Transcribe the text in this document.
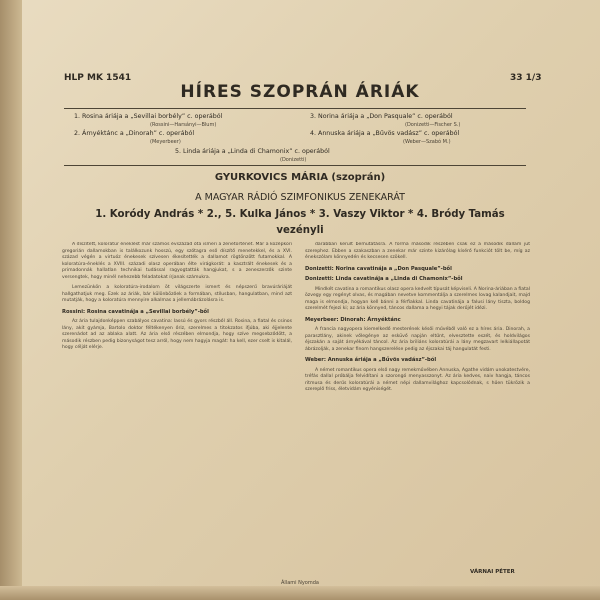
HLP MK 1541	33 1/3
HÍRES SZOPRÁN ÁRIÁK
1. Rosina áriája a „Sevillai borbély” c. operából
(Rossini—Harsányi—Blum)
2. Árnyéktánc a „Dinorah” c. operából
(Meyerbeer)
3. Norina áriája a „Don Pasquale” c. operából
(Donizetti—Fischer S.)
4. Annuska áriája a „Bűvös vadász” c. operából
(Weber—Szabó M.)
5. Linda áriája a „Linda di Chamonix” c. operából
(Donizetti)
GYURKOVICS MÁRIA (szoprán)
A MAGYAR RÁDIÓ SZIMFONIKUS ZENEKARÁT
1. Koródy András * 2., 5. Kulka János * 3. Vaszy Viktor * 4. Bródy Tamás
vezényli

A díszített, koloratúr éneklést már számos évszázad óta ismeri a zenetörténet. Már a középkori gregorián dallamokban is találkozunk hosszú, egy szótagra eső díszítő menetekkel, és a XVI. század végén a virtuóz énekesek szívesen ékesítették a dallamot rögtönzött futamokkal. A koloratúra-éneklés a XVIII. századi olasz operában élte virágkorát: a kasztrált énekesek és a primadonnák hallatlan technikai tudással ragyogtatták hangjukat, s a zeneszerzők szinte versengtek, hogy minél nehezebb feladatokat írjanak számukra.

Lemezünkön a koloratúra-irodalom öt világszerte ismert és népszerű bravúráriáját hallgathatjuk meg. Ezek az áriák, bár különbözőek a formában, stílusban, hangulatban, mind azt mutatják, hogy a koloratúra mennyire alkalmas a jellemábrázolásra is.

Rossini: Rosina cavatinája a „Sevillai borbély”-ből

Az ária tulajdonképpen szabályos cavatina: lassú és gyors részből áll. Rosina, a fiatal és csinos lány, akit gyámja, Bartolo doktor féltékenyen őriz, szerelmes a titokzatos ifjúba, aki éjjelente szerenádot ad az ablaka alatt. Az ária első részében elmondja, hogy szíve megsebződött, a második részben pedig bizonyságot tesz arról, hogy nem hagyja magát: ha kell, ezer cselt is kitalál, hogy célját elérje.

darabban került bemutatásra. A forma második részében csak ez a második dallam jut szerephez. Ebben a szakaszban a zenekar már szinte kizárólag kísérő funkciót tölt be, míg az énekszólam könnyedén és kecsesen szökell.

Donizetti: Norina cavatinája a „Don Pasquale”-ből

Donizetti: Linda cavatinája a „Linda di Chamonix”-ből

Mindkét cavatina a romantikus olasz opera kedvelt típusát képviseli. A Norina-áriában a fiatal özvegy egy regényt olvas, és magában nevetve kommentálja a szerelmes lovag kalandjait, majd maga is elmondja, hogyan kell bánni a férfiakkal. Linda cavatinája a falusi lány tiszta, boldog szerelmét fejezi ki; az ária könnyed, táncos dallama a hegyi tájak derűjét idézi.

Meyerbeer: Dinorah: Árnyéktánc

A francia nagyopera kiemelkedő mesterének késői művéből való ez a híres ária. Dinorah, a parasztlány, akinek vőlegénye az esküvő napján eltűnt, elvesztette eszét, és holdvilágos éjszakán a saját árnyékával táncol. Az ária briliáns koloratúrái a lány megzavart lelkiállapotát ábrázolják, a zenekar finom hangszerelése pedig az éjszakai táj hangulatát festi.

Weber: Annuska áriája a „Bűvös vadász”-ból

A német romantikus opera első nagy remekművében Annuska, Agathe vidám unokatestvére, tréfás dallal próbálja felvidítani a szorongó menyasszonyt. Az ária kedves, naiv hangja, táncos ritmusa és derűs koloratúrái a német népi dallamvilághoz kapcsolódnak, s hűen tükrözik a szereplő friss, életvidám egyéniségét.

VÁRNAI PÉTER
Állami Nyomda
